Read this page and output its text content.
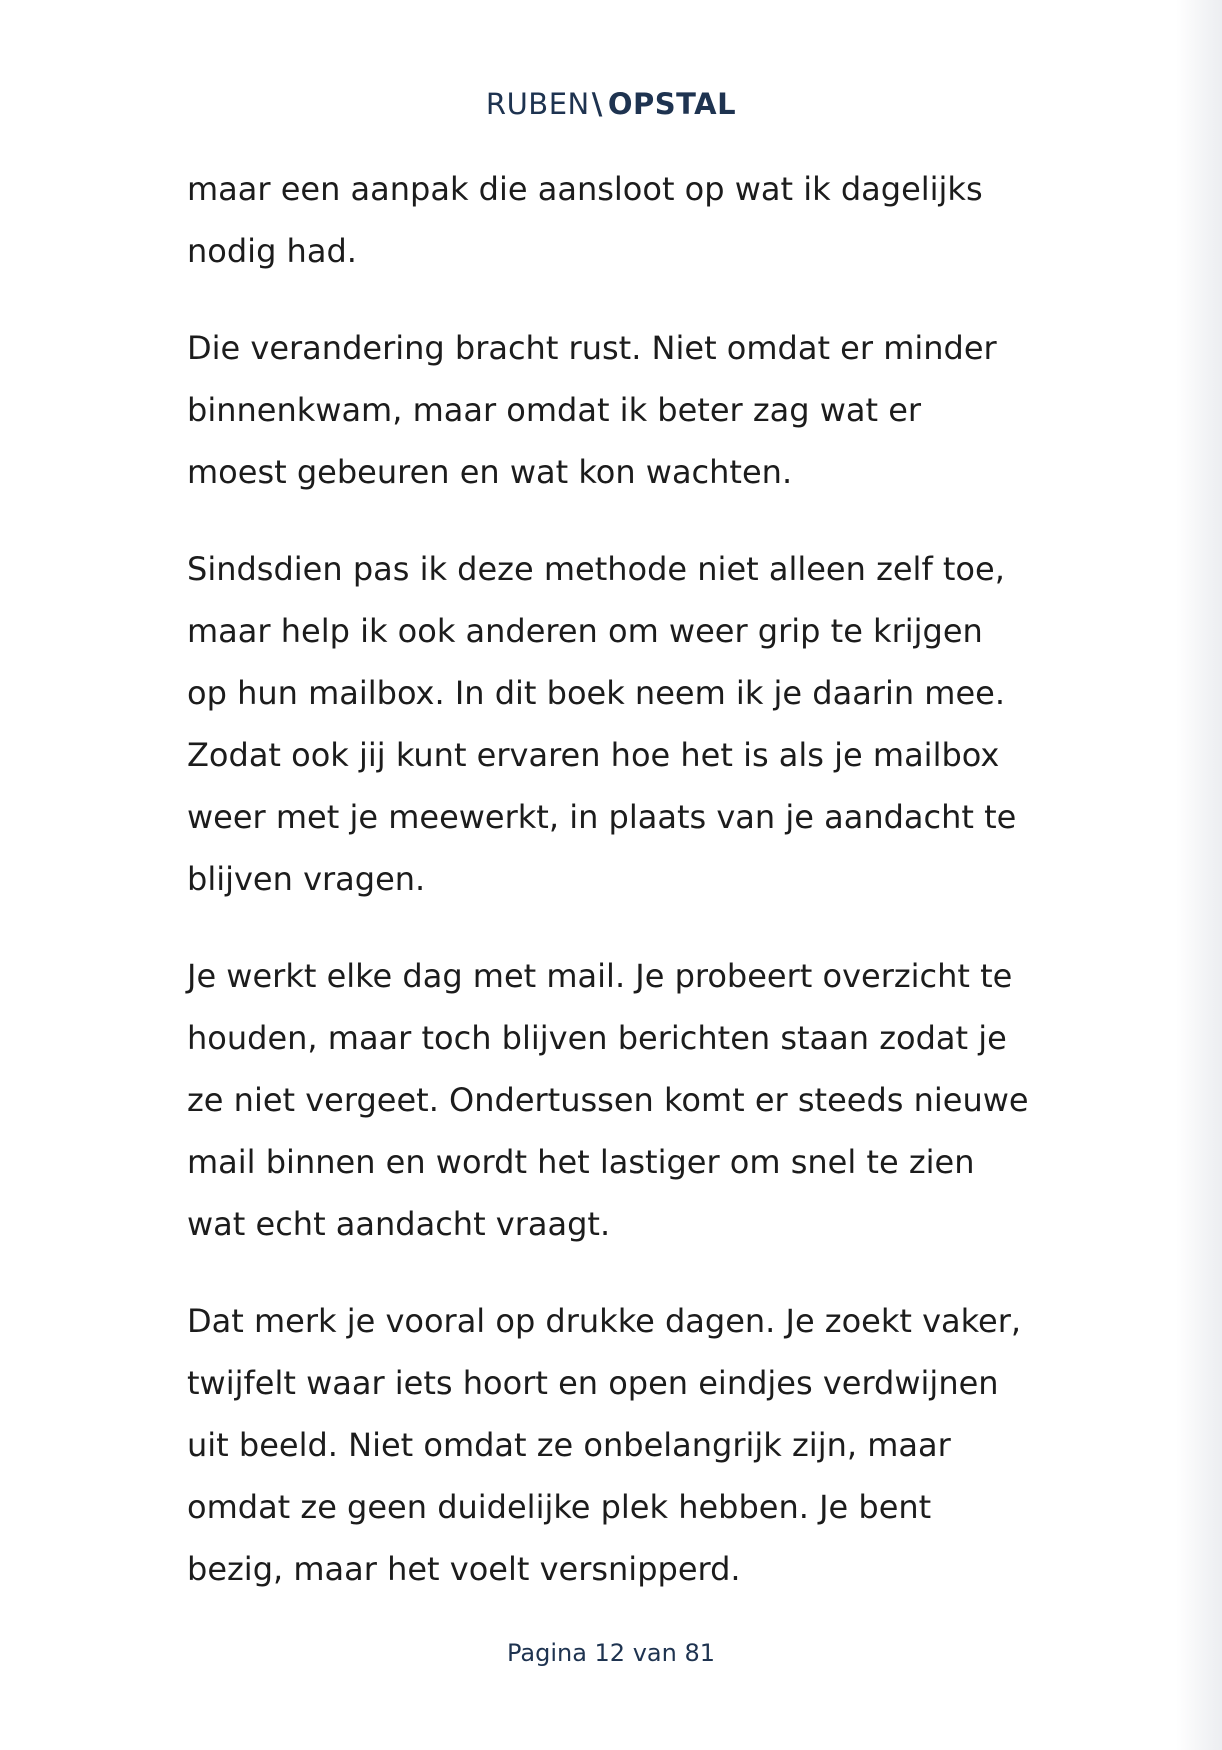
RUBEN\ OPSTAL

maar een aanpak die aansloot op wat ik dagelijks
nodig had.

Die verandering bracht rust. Niet omdat er minder
binnenkwam, maar omdat ik beter zag wat er
moest gebeuren en wat kon wachten.

Sindsdien pas ik deze methode niet alleen zelf toe,
maar help ik ook anderen om weer grip te krijgen
op hun mailbox. In dit boek neem ik je daarin mee.
Zodat ook jij kunt ervaren hoe het is als je mailbox
weer met je meewerkt, in plaats van je aandacht te
blijven vragen.

Je werkt elke dag met mail. Je probeert overzicht te
houden, maar toch blijven berichten staan zodat je
ze niet vergeet. Ondertussen komt er steeds nieuwe
mail binnen en wordt het lastiger om snel te zien
wat echt aandacht vraagt.

Dat merk je vooral op drukke dagen. Je zoekt vaker,
twijfelt waar iets hoort en open eindjes verdwijnen
uit beeld. Niet omdat ze onbelangrijk zijn, maar
omdat ze geen duidelijke plek hebben. Je bent
bezig, maar het voelt versnipperd.

Pagina 12 van 81
